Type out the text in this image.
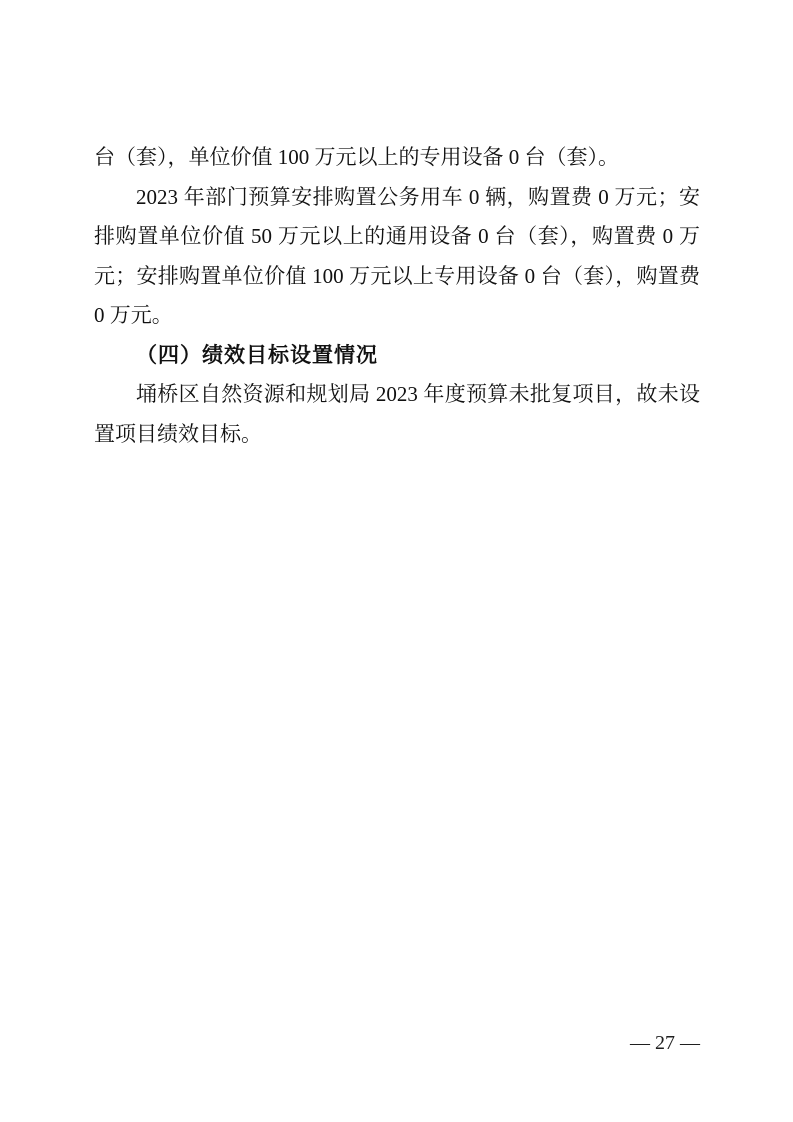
台（套），单位价值 100 万元以上的专用设备 0 台（套）。

2023 年部门预算安排购置公务用车 0 辆，购置费 0 万元；安排购置单位价值 50 万元以上的通用设备 0 台（套），购置费 0 万元；安排购置单位价值 100 万元以上专用设备 0 台（套），购置费 0 万元。

（四）绩效目标设置情况

埇桥区自然资源和规划局 2023 年度预算未批复项目，故未设置项目绩效目标。

— 27 —
